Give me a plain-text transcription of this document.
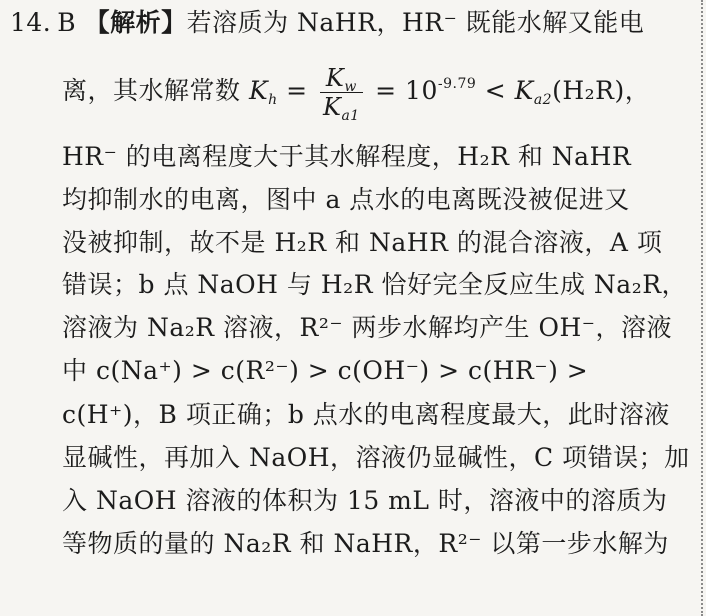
14. B 【解析】若溶质为 NaHR，HR⁻ 既能水解又能电
离，其水解常数 $K_h = \frac{K_w}{K_{a1}} = 10^{-9.79} < K_{a2}(H_2R)$，
HR⁻ 的电离程度大于其水解程度，H₂R 和 NaHR
均抑制水的电离，图中 a 点水的电离既没被促进又
没被抑制，故不是 H₂R 和 NaHR 的混合溶液，A 项
错误；b 点 NaOH 与 H₂R 恰好完全反应生成 Na₂R，
溶液为 Na₂R 溶液，R²⁻ 两步水解均产生 OH⁻，溶液
中 c(Na⁺) > c(R²⁻) > c(OH⁻) > c(HR⁻) >
c(H⁺)，B 项正确；b 点水的电离程度最大，此时溶液
显碱性，再加入 NaOH，溶液仍显碱性，C 项错误；加
入 NaOH 溶液的体积为 15 mL 时，溶液中的溶质为
等物质的量的 Na₂R 和 NaHR，R²⁻ 以第一步水解为
